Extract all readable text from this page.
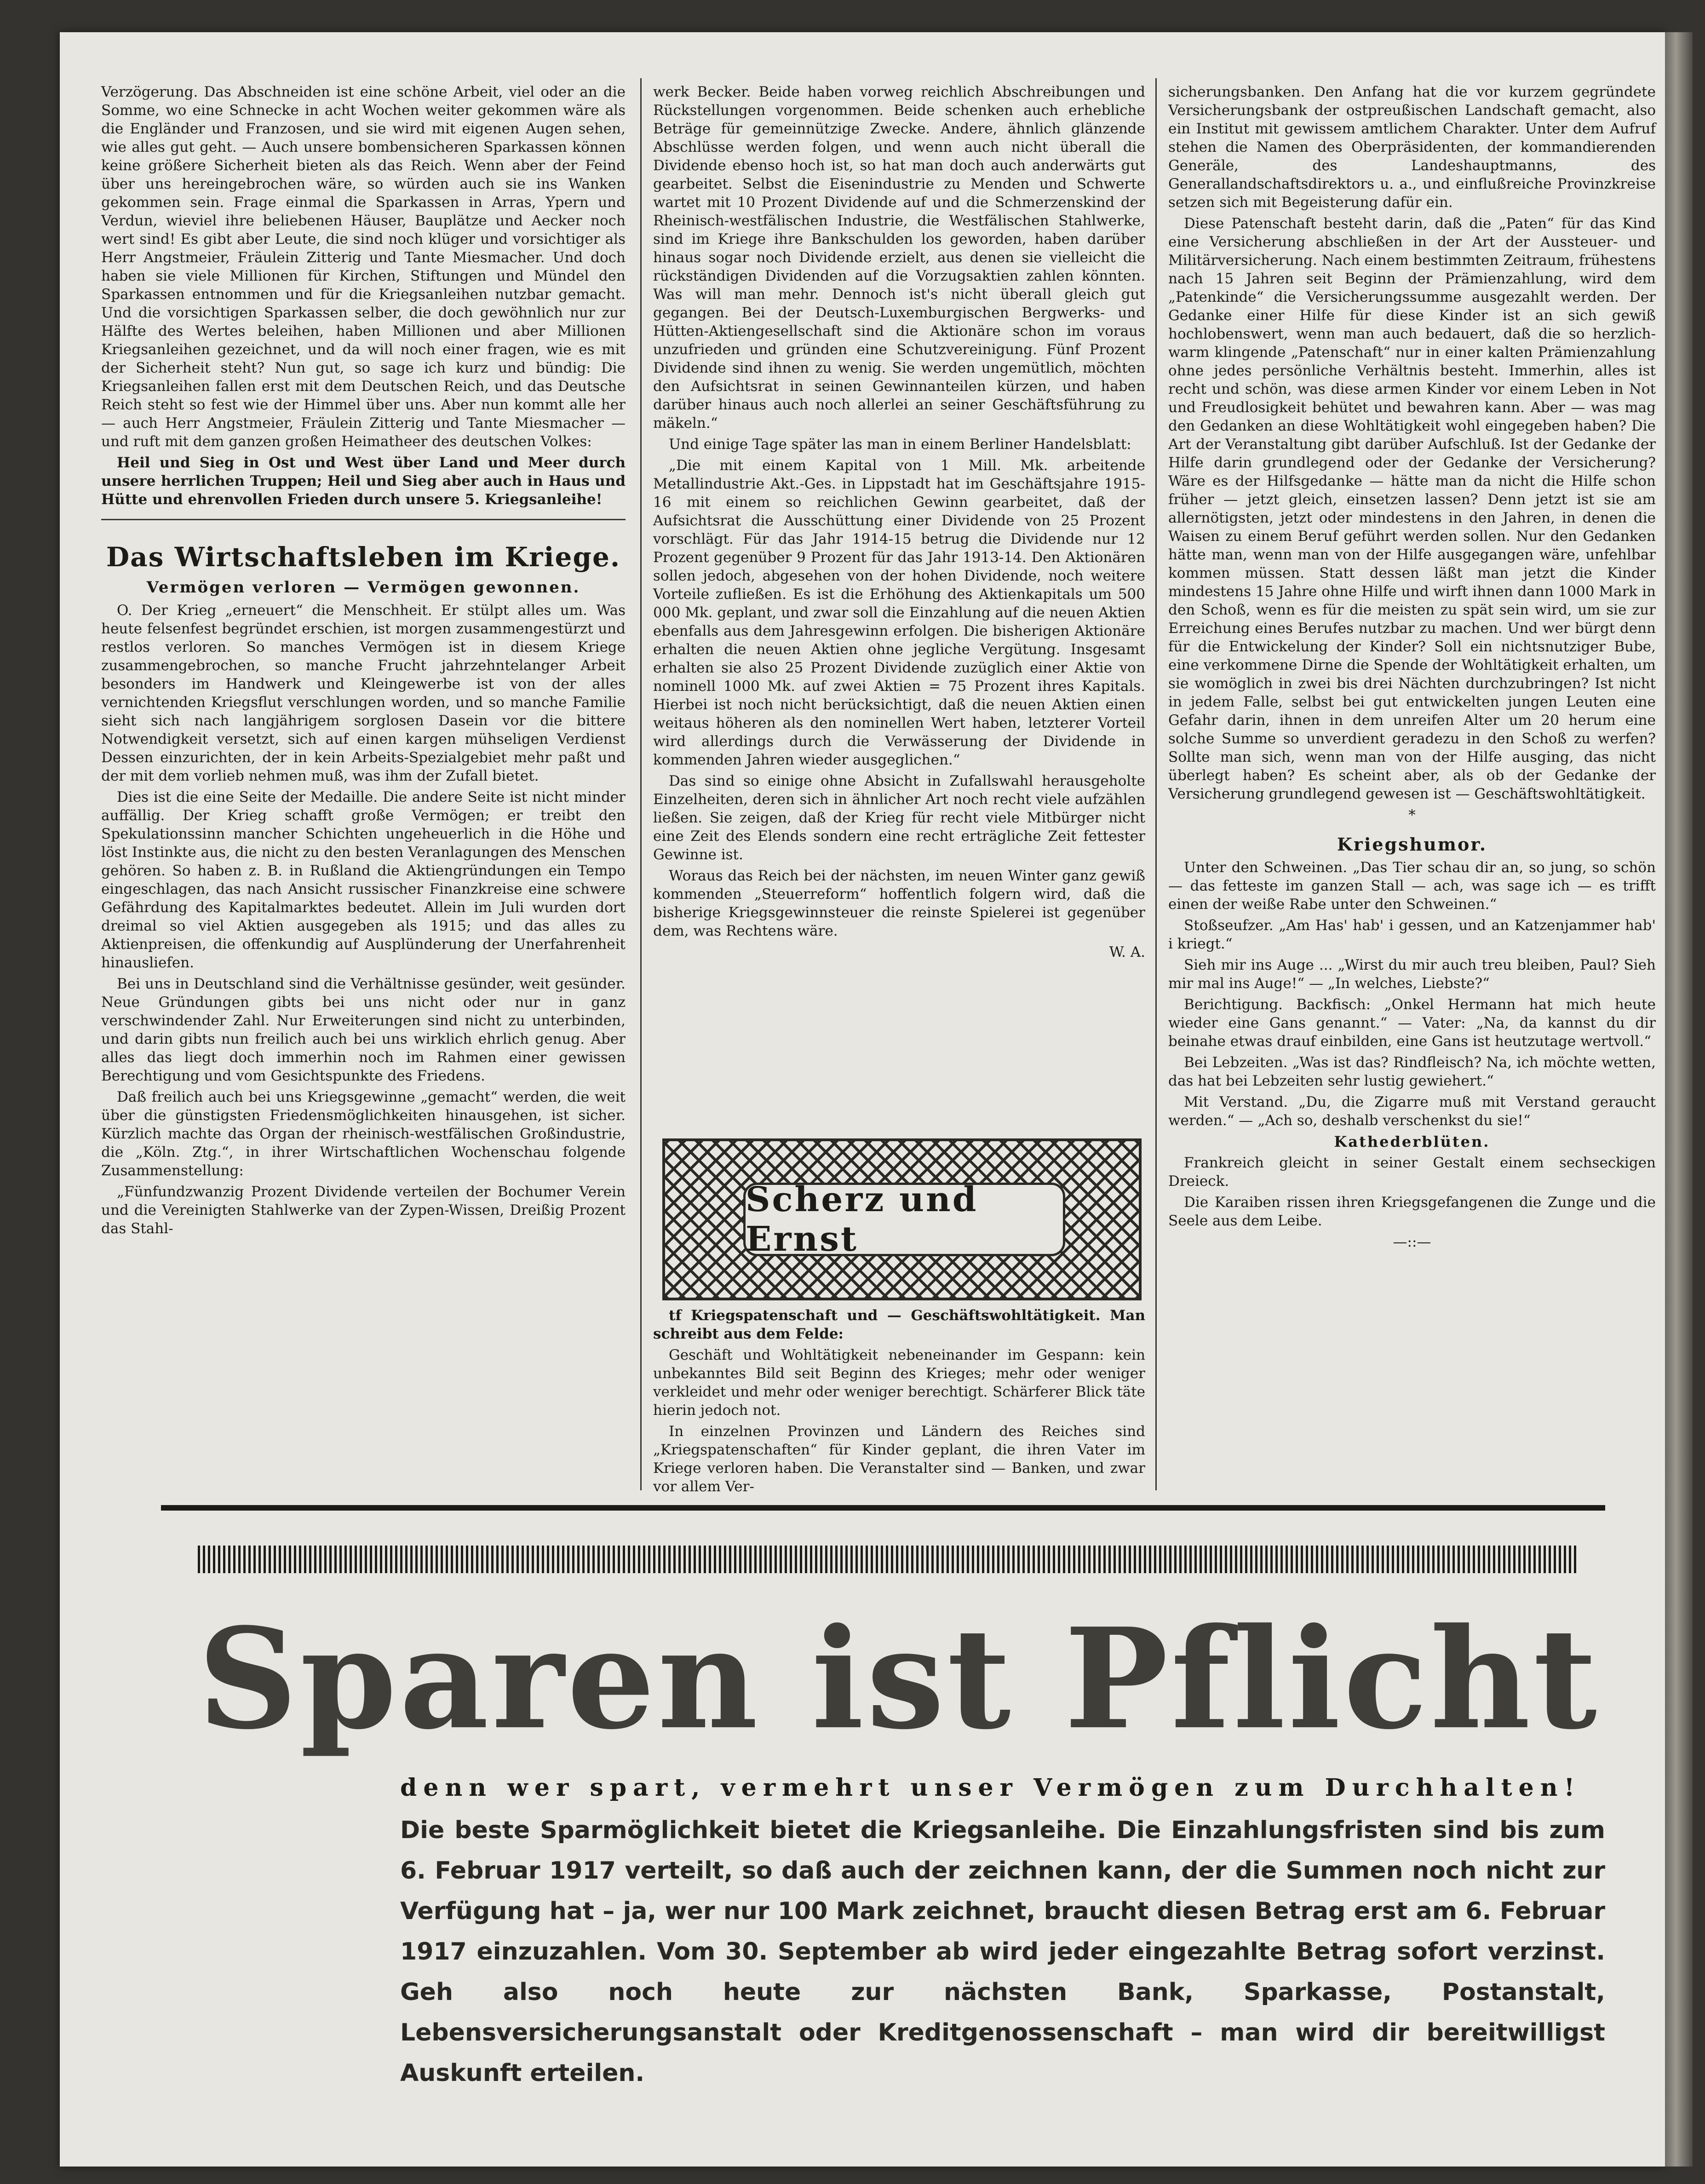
Verzögerung. Das Abschneiden ist eine schöne Arbeit, viel oder an die Somme, wo eine Schnecke in acht Wochen weiter gekommen wäre als die Engländer und Franzosen, und sie wird mit eigenen Augen sehen, wie alles gut geht. — Auch unsere bombensicheren Sparkassen können keine größere Sicherheit bieten als das Reich. Wenn aber der Feind über uns hereingebrochen wäre, so würden auch sie ins Wanken gekommen sein. Frage einmal die Sparkassen in Arras, Ypern und Verdun, wieviel ihre beliebenen Häuser, Bauplätze und Aecker noch wert sind! Es gibt aber Leute, die sind noch klüger und vorsichtiger als Herr Angstmeier, Fräulein Zitterig und Tante Miesmacher. Und doch haben sie viele Millionen für Kirchen, Stiftungen und Mündel den Sparkassen entnommen und für die Kriegsanleihen nutzbar gemacht. Und die vorsichtigen Sparkassen selber, die doch gewöhnlich nur zur Hälfte des Wertes beleihen, haben Millionen und aber Millionen Kriegsanleihen gezeichnet, und da will noch einer fragen, wie es mit der Sicherheit steht? Nun gut, so sage ich kurz und bündig: Die Kriegsanleihen fallen erst mit dem Deutschen Reich, und das Deutsche Reich steht so fest wie der Himmel über uns. Aber nun kommt alle her — auch Herr Angstmeier, Fräulein Zitterig und Tante Miesmacher — und ruft mit dem ganzen großen Heimatheer des deutschen Volkes:

Heil und Sieg in Ost und West über Land und Meer durch unsere herrlichen Truppen; Heil und Sieg aber auch in Haus und Hütte und ehrenvollen Frieden durch unsere 5. Kriegsanleihe!

Das Wirtschaftsleben im Kriege.
Vermögen verloren — Vermögen gewonnen.

O. Der Krieg „erneuert“ die Menschheit. Er stülpt alles um. Was heute felsenfest begründet erschien, ist morgen zusammengestürzt und restlos verloren. So manches Vermögen ist in diesem Kriege zusammengebrochen, so manche Frucht jahrzehntelanger Arbeit besonders im Handwerk und Kleingewerbe ist von der alles vernichtenden Kriegsflut verschlungen worden, und so manche Familie sieht sich nach langjährigem sorglosen Dasein vor die bittere Notwendigkeit versetzt, sich auf einen kargen mühseligen Verdienst Dessen einzurichten, der in kein Arbeits-Spezialgebiet mehr paßt und der mit dem vorlieb nehmen muß, was ihm der Zufall bietet.

Dies ist die eine Seite der Medaille. Die andere Seite ist nicht minder auffällig. Der Krieg schafft große Vermögen; er treibt den Spekulationssinn mancher Schichten ungeheuerlich in die Höhe und löst Instinkte aus, die nicht zu den besten Veranlagungen des Menschen gehören. So haben z. B. in Rußland die Aktiengründungen ein Tempo eingeschlagen, das nach Ansicht russischer Finanzkreise eine schwere Gefährdung des Kapitalmarktes bedeutet. Allein im Juli wurden dort dreimal so viel Aktien ausgegeben als 1915; und das alles zu Aktienpreisen, die offenkundig auf Ausplünderung der Unerfahrenheit hinausliefen.

Bei uns in Deutschland sind die Verhältnisse gesünder, weit gesünder. Neue Gründungen gibts bei uns nicht oder nur in ganz verschwindender Zahl. Nur Erweiterungen sind nicht zu unterbinden, und darin gibts nun freilich auch bei uns wirklich ehrlich genug. Aber alles das liegt doch immerhin noch im Rahmen einer gewissen Berechtigung und vom Gesichtspunkte des Friedens.

Daß freilich auch bei uns Kriegsgewinne „gemacht“ werden, die weit über die günstigsten Friedensmöglichkeiten hinausgehen, ist sicher. Kürzlich machte das Organ der rheinisch-westfälischen Großindustrie, die „Köln. Ztg.“, in ihrer Wirtschaftlichen Wochenschau folgende Zusammenstellung:

„Fünfundzwanzig Prozent Dividende verteilen der Bochumer Verein und die Vereinigten Stahlwerke van der Zypen-Wissen, Dreißig Prozent das Stahl-

werk Becker. Beide haben vorweg reichlich Abschreibungen und Rückstellungen vorgenommen. Beide schenken auch erhebliche Beträge für gemeinnützige Zwecke. Andere, ähnlich glänzende Abschlüsse werden folgen, und wenn auch nicht überall die Dividende ebenso hoch ist, so hat man doch auch anderwärts gut gearbeitet. Selbst die Eisenindustrie zu Menden und Schwerte wartet mit 10 Prozent Dividende auf und die Schmerzenskind der Rheinisch-westfälischen Industrie, die Westfälischen Stahlwerke, sind im Kriege ihre Bankschulden los geworden, haben darüber hinaus sogar noch Dividende erzielt, aus denen sie vielleicht die rückständigen Dividenden auf die Vorzugsaktien zahlen könnten. Was will man mehr. Dennoch ist's nicht überall gleich gut gegangen. Bei der Deutsch-Luxemburgischen Bergwerks- und Hütten-Aktiengesellschaft sind die Aktionäre schon im voraus unzufrieden und gründen eine Schutzvereinigung. Fünf Prozent Dividende sind ihnen zu wenig. Sie werden ungemütlich, möchten den Aufsichtsrat in seinen Gewinnanteilen kürzen, und haben darüber hinaus auch noch allerlei an seiner Geschäftsführung zu mäkeln.“

Und einige Tage später las man in einem Berliner Handelsblatt:

„Die mit einem Kapital von 1 Mill. Mk. arbeitende Metallindustrie Akt.-Ges. in Lippstadt hat im Geschäftsjahre 1915-16 mit einem so reichlichen Gewinn gearbeitet, daß der Aufsichtsrat die Ausschüttung einer Dividende von 25 Prozent vorschlägt. Für das Jahr 1914-15 betrug die Dividende nur 12 Prozent gegenüber 9 Prozent für das Jahr 1913-14. Den Aktionären sollen jedoch, abgesehen von der hohen Dividende, noch weitere Vorteile zufließen. Es ist die Erhöhung des Aktienkapitals um 500 000 Mk. geplant, und zwar soll die Einzahlung auf die neuen Aktien ebenfalls aus dem Jahresgewinn erfolgen. Die bisherigen Aktionäre erhalten die neuen Aktien ohne jegliche Vergütung. Insgesamt erhalten sie also 25 Prozent Dividende zuzüglich einer Aktie von nominell 1000 Mk. auf zwei Aktien = 75 Prozent ihres Kapitals. Hierbei ist noch nicht berücksichtigt, daß die neuen Aktien einen weitaus höheren als den nominellen Wert haben, letzterer Vorteil wird allerdings durch die Verwässerung der Dividende in kommenden Jahren wieder ausgeglichen.“

Das sind so einige ohne Absicht in Zufallswahl herausgeholte Einzelheiten, deren sich in ähnlicher Art noch recht viele aufzählen ließen. Sie zeigen, daß der Krieg für recht viele Mitbürger nicht eine Zeit des Elends sondern eine recht erträgliche Zeit fettester Gewinne ist.

Woraus das Reich bei der nächsten, im neuen Winter ganz gewiß kommenden „Steuerreform“ hoffentlich folgern wird, daß die bisherige Kriegsgewinnsteuer die reinste Spielerei ist gegenüber dem, was Rechtens wäre.

W. A.

Scherz und Ernst

tf Kriegspatenschaft und — Geschäftswohltätigkeit. Man schreibt aus dem Felde:

Geschäft und Wohltätigkeit nebeneinander im Gespann: kein unbekanntes Bild seit Beginn des Krieges; mehr oder weniger verkleidet und mehr oder weniger berechtigt. Schärferer Blick täte hierin jedoch not.

In einzelnen Provinzen und Ländern des Reiches sind „Kriegspatenschaften“ für Kinder geplant, die ihren Vater im Kriege verloren haben. Die Veranstalter sind — Banken, und zwar vor allem Ver-

sicherungsbanken. Den Anfang hat die vor kurzem gegründete Versicherungsbank der ostpreußischen Landschaft gemacht, also ein Institut mit gewissem amtlichem Charakter. Unter dem Aufruf stehen die Namen des Oberpräsidenten, der kommandierenden Generäle, des Landeshauptmanns, des Generallandschaftsdirektors u. a., und einflußreiche Provinzkreise setzen sich mit Begeisterung dafür ein.

Diese Patenschaft besteht darin, daß die „Paten“ für das Kind eine Versicherung abschließen in der Art der Aussteuer- und Militärversicherung. Nach einem bestimmten Zeitraum, frühestens nach 15 Jahren seit Beginn der Prämienzahlung, wird dem „Patenkinde“ die Versicherungssumme ausgezahlt werden. Der Gedanke einer Hilfe für diese Kinder ist an sich gewiß hochlobenswert, wenn man auch bedauert, daß die so herzlich-warm klingende „Patenschaft“ nur in einer kalten Prämienzahlung ohne jedes persönliche Verhältnis besteht. Immerhin, alles ist recht und schön, was diese armen Kinder vor einem Leben in Not und Freudlosigkeit behütet und bewahren kann. Aber — was mag den Gedanken an diese Wohltätigkeit wohl eingegeben haben? Die Art der Veranstaltung gibt darüber Aufschluß. Ist der Gedanke der Hilfe darin grundlegend oder der Gedanke der Versicherung? Wäre es der Hilfsgedanke — hätte man da nicht die Hilfe schon früher — jetzt gleich, einsetzen lassen? Denn jetzt ist sie am allernötigsten, jetzt oder mindestens in den Jahren, in denen die Waisen zu einem Beruf geführt werden sollen. Nur den Gedanken hätte man, wenn man von der Hilfe ausgegangen wäre, unfehlbar kommen müssen. Statt dessen läßt man jetzt die Kinder mindestens 15 Jahre ohne Hilfe und wirft ihnen dann 1000 Mark in den Schoß, wenn es für die meisten zu spät sein wird, um sie zur Erreichung eines Berufes nutzbar zu machen. Und wer bürgt denn für die Entwickelung der Kinder? Soll ein nichtsnutziger Bube, eine verkommene Dirne die Spende der Wohltätigkeit erhalten, um sie womöglich in zwei bis drei Nächten durchzubringen? Ist nicht in jedem Falle, selbst bei gut entwickelten jungen Leuten eine Gefahr darin, ihnen in dem unreifen Alter um 20 herum eine solche Summe so unverdient geradezu in den Schoß zu werfen? Sollte man sich, wenn man von der Hilfe ausging, das nicht überlegt haben? Es scheint aber, als ob der Gedanke der Versicherung grundlegend gewesen ist — Geschäftswohltätigkeit.

*
Kriegshumor.

Unter den Schweinen. „Das Tier schau dir an, so jung, so schön — das fetteste im ganzen Stall — ach, was sage ich — es trifft einen der weiße Rabe unter den Schweinen.“

Stoßseufzer. „Am Has' hab' i gessen, und an Katzenjammer hab' i kriegt.“

Sieh mir ins Auge ... „Wirst du mir auch treu bleiben, Paul? Sieh mir mal ins Auge!“ — „In welches, Liebste?“

Berichtigung. Backfisch: „Onkel Hermann hat mich heute wieder eine Gans genannt.“ — Vater: „Na, da kannst du dir beinahe etwas drauf einbilden, eine Gans ist heutzutage wertvoll.“

Bei Lebzeiten. „Was ist das? Rindfleisch? Na, ich möchte wetten, das hat bei Lebzeiten sehr lustig gewiehert.“

Mit Verstand. „Du, die Zigarre muß mit Verstand geraucht werden.“ — „Ach so, deshalb verschenkst du sie!“

Kathederblüten.

Frankreich gleicht in seiner Gestalt einem sechseckigen Dreieck.

Die Karaiben rissen ihren Kriegsgefangenen die Zunge und die Seele aus dem Leibe.

—::—
Sparen ist Pflicht
denn wer spart, vermehrt unser Vermögen zum Durchhalten!
Die beste Sparmöglichkeit bietet die Kriegsanleihe. Die Einzahlungsfristen sind bis zum 6. Februar 1917 verteilt, so daß auch der zeichnen kann, der die Summen noch nicht zur Verfügung hat – ja, wer nur 100 Mark zeichnet, braucht diesen Betrag erst am 6. Februar 1917 einzuzahlen. Vom 30. September ab wird jeder eingezahlte Betrag sofort verzinst. Geh also noch heute zur nächsten Bank, Sparkasse, Postanstalt, Lebensversicherungsanstalt oder Kreditgenossenschaft – man wird dir bereitwilligst Auskunft erteilen.
